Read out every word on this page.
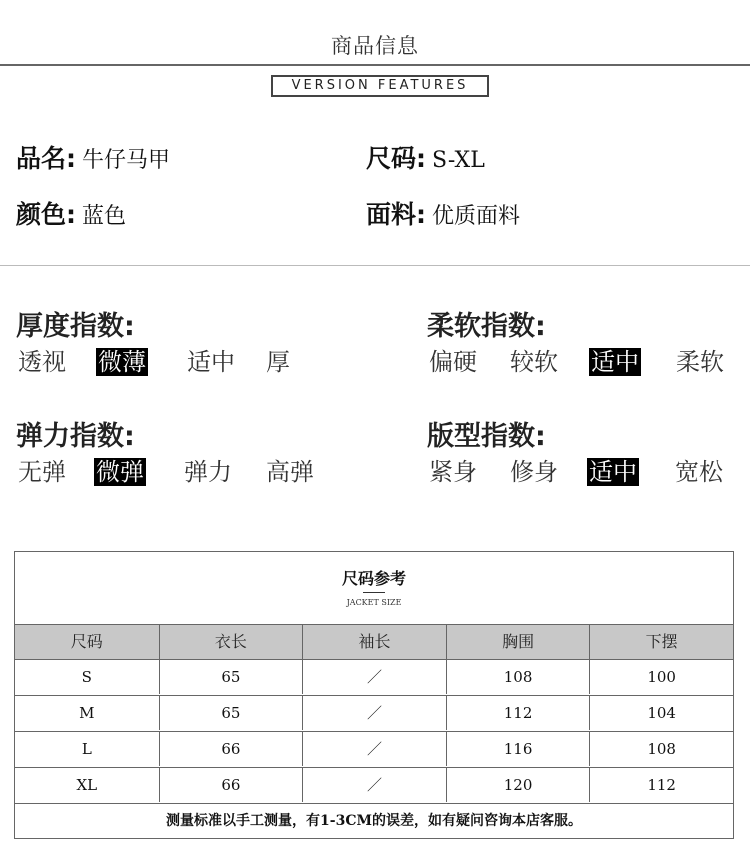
商品信息
VERSION FEATURES
品名: 牛仔马甲	尺码: S-XL
颜色: 蓝色	面料: 优质面料
厚度指数:
透视 微薄 适中 厚
柔软指数:
偏硬 较软 适中 柔软
弹力指数:
无弹 微弹 弹力 高弹
版型指数:
紧身 修身 适中 宽松
尺码参考
JACKET SIZE
尺码	衣长	袖长	胸围	下摆
S	65	／	108	100
M	65	／	112	104
L	66	／	116	108
XL	66	／	120	112
测量标准以手工测量，有1-3CM的误差，如有疑问咨询本店客服。
